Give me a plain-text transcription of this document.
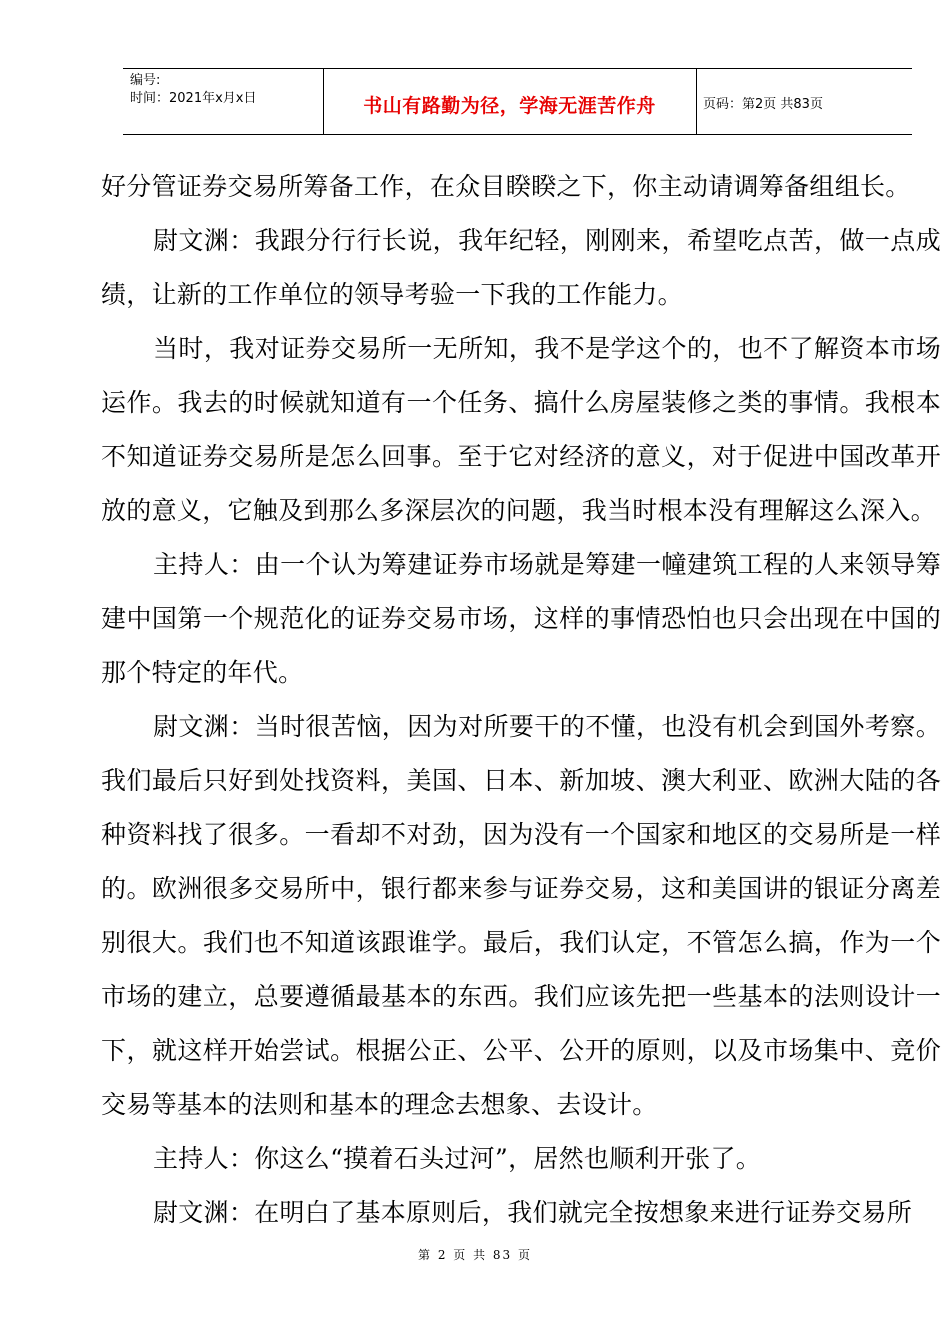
编号:
时间：2021年x月x日	书山有路勤为径，学海无涯苦作舟	页码：第2页 共83页

好分管证券交易所筹备工作，在众目睽睽之下，你主动请调筹备组组长。

尉文渊：我跟分行行长说，我年纪轻，刚刚来，希望吃点苦，做一点成绩，让新的工作单位的领导考验一下我的工作能力。

当时，我对证券交易所一无所知，我不是学这个的，也不了解资本市场运作。我去的时候就知道有一个任务、搞什么房屋装修之类的事情。我根本不知道证券交易所是怎么回事。至于它对经济的意义，对于促进中国改革开放的意义，它触及到那么多深层次的问题，我当时根本没有理解这么深入。

主持人：由一个认为筹建证券市场就是筹建一幢建筑工程的人来领导筹建中国第一个规范化的证券交易市场，这样的事情恐怕也只会出现在中国的那个特定的年代。

尉文渊：当时很苦恼，因为对所要干的不懂，也没有机会到国外考察。我们最后只好到处找资料，美国、日本、新加坡、澳大利亚、欧洲大陆的各种资料找了很多。一看却不对劲，因为没有一个国家和地区的交易所是一样的。欧洲很多交易所中，银行都来参与证券交易，这和美国讲的银证分离差别很大。我们也不知道该跟谁学。最后，我们认定，不管怎么搞，作为一个市场的建立，总要遵循最基本的东西。我们应该先把一些基本的法则设计一下，就这样开始尝试。根据公正、公平、公开的原则，以及市场集中、竞价交易等基本的法则和基本的理念去想象、去设计。

主持人：你这么“摸着石头过河”，居然也顺利开张了。

尉文渊：在明白了基本原则后，我们就完全按想象来进行证券交易所

第 2 页 共 83 页
